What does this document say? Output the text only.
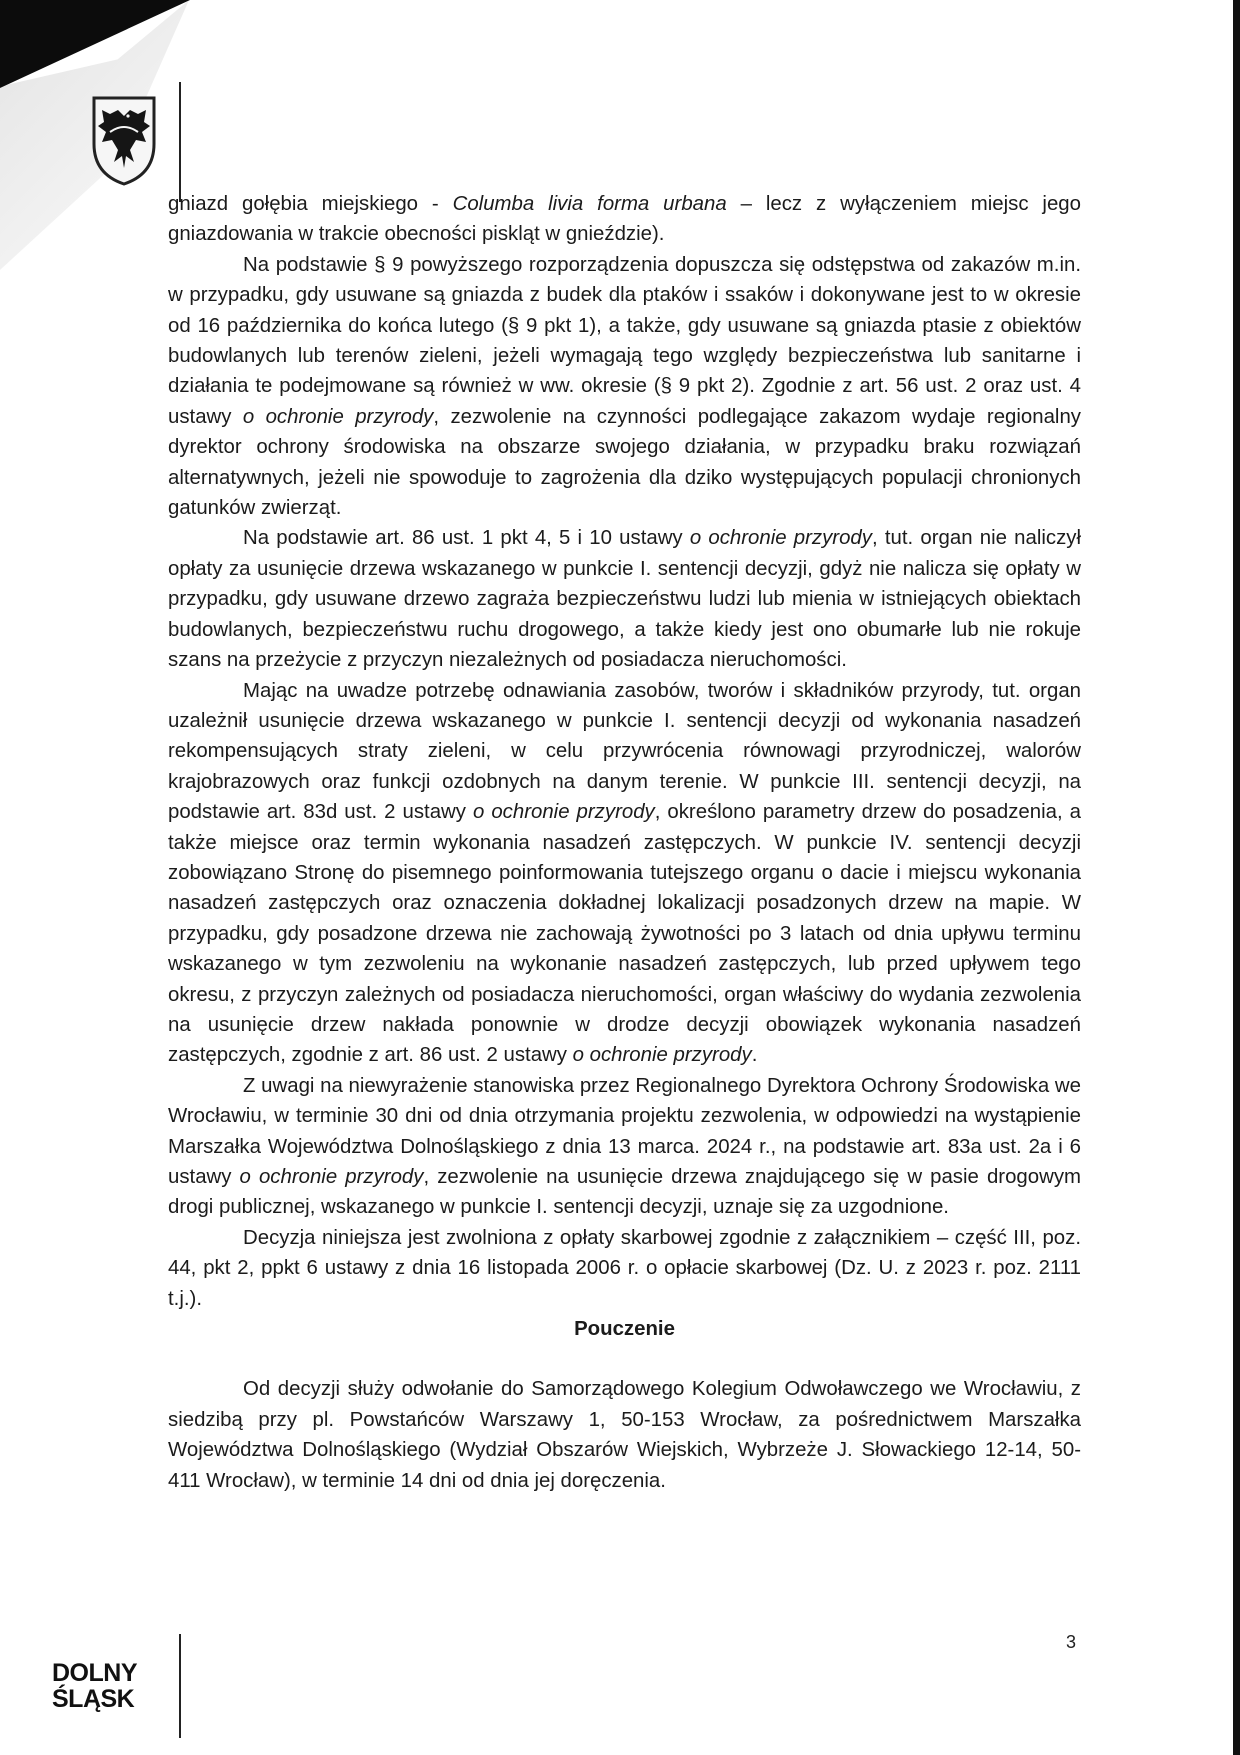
gniazd gołębia miejskiego - Columba livia forma urbana – lecz z wyłączeniem miejsc jego gniazdowania w trakcie obecności piskląt w gnieździe).

Na podstawie § 9 powyższego rozporządzenia dopuszcza się odstępstwa od zakazów m.in. w przypadku, gdy usuwane są gniazda z budek dla ptaków i ssaków i dokonywane jest to w okresie od 16 października do końca lutego (§ 9 pkt 1), a także, gdy usuwane są gniazda ptasie z obiektów budowlanych lub terenów zieleni, jeżeli wymagają tego względy bezpieczeństwa lub sanitarne i działania te podejmowane są również w ww. okresie (§ 9 pkt 2). Zgodnie z art. 56 ust. 2 oraz ust. 4 ustawy o ochronie przyrody, zezwolenie na czynności podlegające zakazom wydaje regionalny dyrektor ochrony środowiska na obszarze swojego działania, w przypadku braku rozwiązań alternatywnych, jeżeli nie spowoduje to zagrożenia dla dziko występujących populacji chronionych gatunków zwierząt.

Na podstawie art. 86 ust. 1 pkt 4, 5 i 10 ustawy o ochronie przyrody, tut. organ nie naliczył opłaty za usunięcie drzewa wskazanego w punkcie I. sentencji decyzji, gdyż nie nalicza się opłaty w przypadku, gdy usuwane drzewo zagraża bezpieczeństwu ludzi lub mienia w istniejących obiektach budowlanych, bezpieczeństwu ruchu drogowego, a także kiedy jest ono obumarłe lub nie rokuje szans na przeżycie z przyczyn niezależnych od posiadacza nieruchomości.

Mając na uwadze potrzebę odnawiania zasobów, tworów i składników przyrody, tut. organ uzależnił usunięcie drzewa wskazanego w punkcie I. sentencji decyzji od wykonania nasadzeń rekompensujących straty zieleni, w celu przywrócenia równowagi przyrodniczej, walorów krajobrazowych oraz funkcji ozdobnych na danym terenie. W punkcie III. sentencji decyzji, na podstawie art. 83d ust. 2 ustawy o ochronie przyrody, określono parametry drzew do posadzenia, a także miejsce oraz termin wykonania nasadzeń zastępczych. W punkcie IV. sentencji decyzji zobowiązano Stronę do pisemnego poinformowania tutejszego organu o dacie i miejscu wykonania nasadzeń zastępczych oraz oznaczenia dokładnej lokalizacji posadzonych drzew na mapie. W przypadku, gdy posadzone drzewa nie zachowają żywotności po 3 latach od dnia upływu terminu wskazanego w tym zezwoleniu na wykonanie nasadzeń zastępczych, lub przed upływem tego okresu, z przyczyn zależnych od posiadacza nieruchomości, organ właściwy do wydania zezwolenia na usunięcie drzew nakłada ponownie w drodze decyzji obowiązek wykonania nasadzeń zastępczych, zgodnie z art. 86 ust. 2 ustawy o ochronie przyrody.

Z uwagi na niewyrażenie stanowiska przez Regionalnego Dyrektora Ochrony Środowiska we Wrocławiu, w terminie 30 dni od dnia otrzymania projektu zezwolenia, w odpowiedzi na wystąpienie Marszałka Województwa Dolnośląskiego z dnia 13 marca. 2024 r., na podstawie art. 83a ust. 2a i 6 ustawy o ochronie przyrody, zezwolenie na usunięcie drzewa znajdującego się w pasie drogowym drogi publicznej, wskazanego w punkcie I. sentencji decyzji, uznaje się za uzgodnione.

Decyzja niniejsza jest zwolniona z opłaty skarbowej zgodnie z załącznikiem – część III, poz. 44, pkt 2, ppkt 6 ustawy z dnia 16 listopada 2006 r. o opłacie skarbowej (Dz. U. z 2023 r. poz. 2111 t.j.).

Pouczenie

Od decyzji służy odwołanie do Samorządowego Kolegium Odwoławczego we Wrocławiu, z siedzibą przy pl. Powstańców Warszawy 1, 50-153 Wrocław, za pośrednictwem Marszałka Województwa Dolnośląskiego (Wydział Obszarów Wiejskich, Wybrzeże J. Słowackiego 12-14, 50-411 Wrocław), w terminie 14 dni od dnia jej doręczenia.

DOLNY
ŚLĄSK
3
